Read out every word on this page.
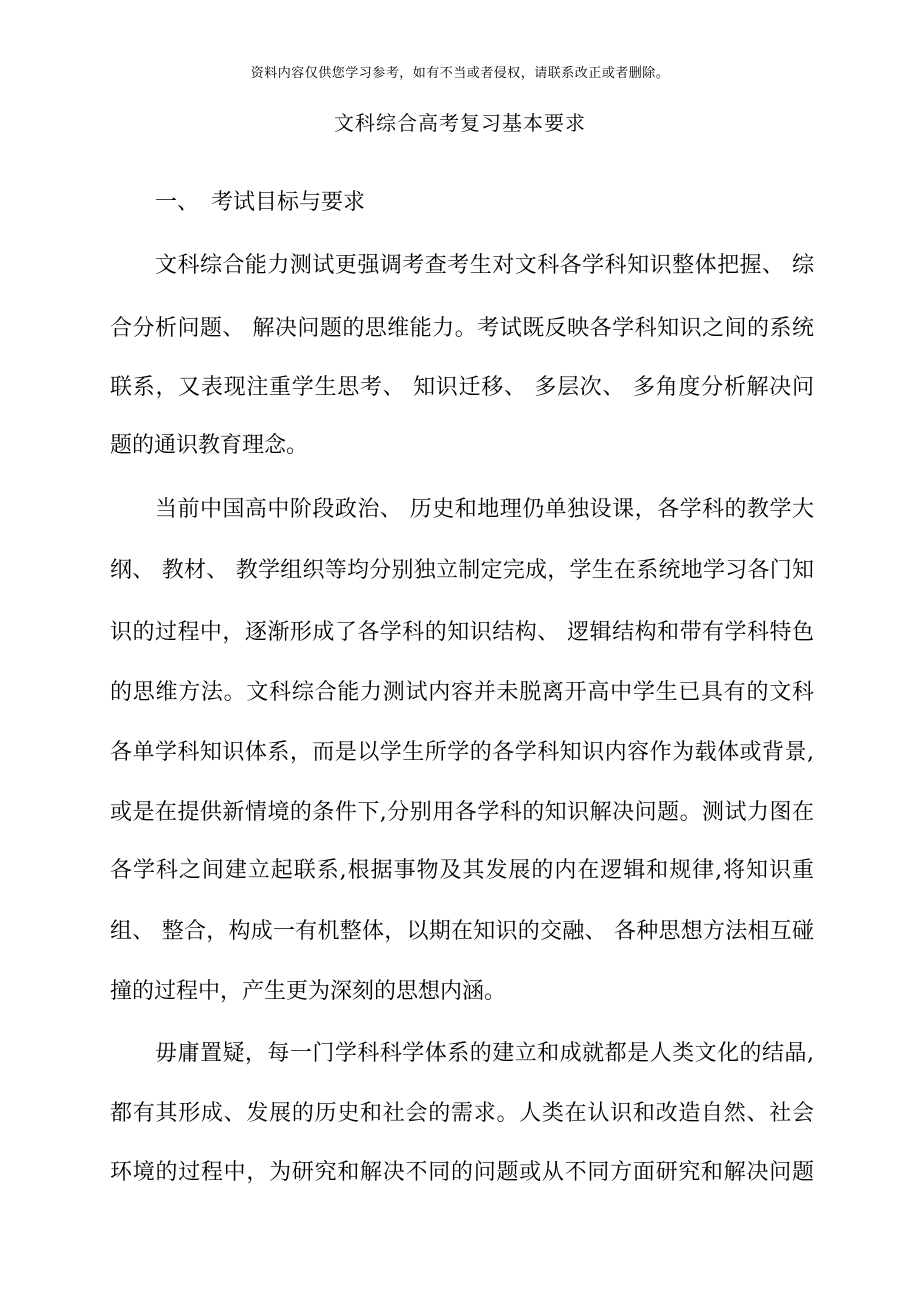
资料内容仅供您学习参考，如有不当或者侵权，请联系改正或者删除。
文科综合高考复习基本要求
一、 考试目标与要求
文科综合能力测试更强调考查考生对文科各学科知识整体把握、 综
合分析问题、 解决问题的思维能力。考试既反映各学科知识之间的系统
联系，又表现注重学生思考、 知识迁移、 多层次、 多角度分析解决问
题的通识教育理念。
当前中国高中阶段政治、 历史和地理仍单独设课，各学科的教学大
纲、 教材、 教学组织等均分别独立制定完成，学生在系统地学习各门知
识的过程中，逐渐形成了各学科的知识结构、 逻辑结构和带有学科特色
的思维方法。文科综合能力测试内容并未脱离开高中学生已具有的文科
各单学科知识体系，而是以学生所学的各学科知识内容作为载体或背景,
或是在提供新情境的条件下,分别用各学科的知识解决问题。测试力图在
各学科之间建立起联系,根据事物及其发展的内在逻辑和规律,将知识重
组、 整合，构成一有机整体，以期在知识的交融、 各种思想方法相互碰
撞的过程中，产生更为深刻的思想内涵。
毋庸置疑，每一门学科科学体系的建立和成就都是人类文化的结晶,
都有其形成、发展的历史和社会的需求。人类在认识和改造自然、社会
环境的过程中，为研究和解决不同的问题或从不同方面研究和解决问题
